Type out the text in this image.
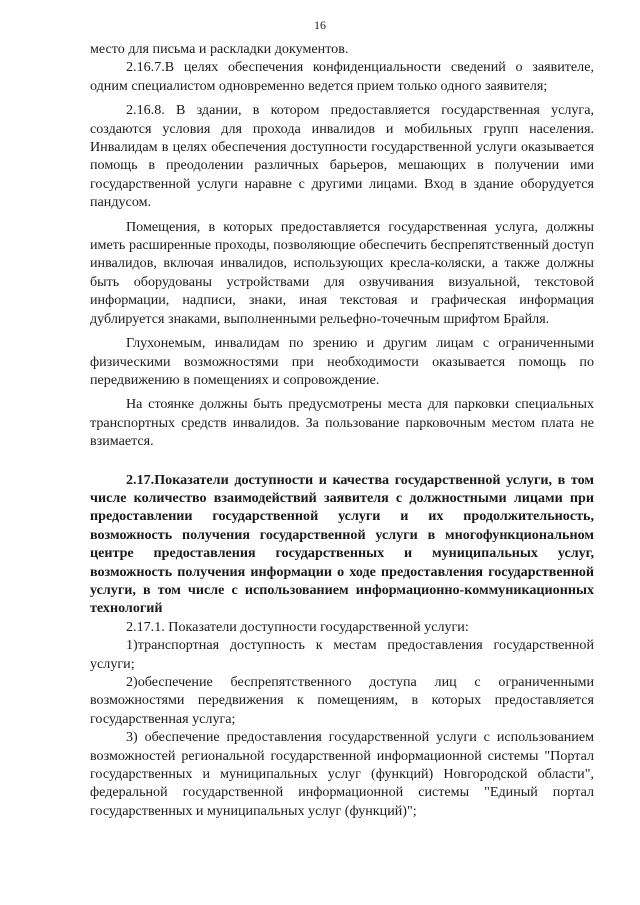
16

место для письма и раскладки документов.

2.16.7.В целях обеспечения конфиденциальности сведений о заявителе, одним специалистом одновременно ведется прием только одного заявителя;

2.16.8. В здании, в котором предоставляется государственная услуга, создаются условия для прохода инвалидов и мобильных групп населения. Инвалидам в целях обеспечения доступности государственной услуги оказывается помощь в преодолении различных барьеров, мешающих в получении ими государственной услуги наравне с другими лицами. Вход в здание оборудуется пандусом.

Помещения, в которых предоставляется государственная услуга, должны иметь расширенные проходы, позволяющие обеспечить беспрепятственный доступ инвалидов, включая инвалидов, использующих кресла-коляски, а также должны быть оборудованы устройствами для озвучивания визуальной, текстовой информации, надписи, знаки, иная текстовая и графическая информация дублируется знаками, выполненными рельефно-точечным шрифтом Брайля.

Глухонемым, инвалидам по зрению и другим лицам с ограниченными физическими возможностями при необходимости оказывается помощь по передвижению в помещениях и сопровождение.

На стоянке должны быть предусмотрены места для парковки специальных транспортных средств инвалидов. За пользование парковочным местом плата не взимается.

2.17.Показатели доступности и качества государственной услуги, в том числе количество взаимодействий заявителя с должностными лицами при предоставлении государственной услуги и их продолжительность, возможность получения государственной услуги в многофункциональном центре предоставления государственных и муниципальных услуг, возможность получения информации о ходе предоставления государственной услуги, в том числе с использованием информационно-коммуникационных технологий

2.17.1. Показатели доступности государственной услуги:

1)транспортная доступность к местам предоставления государственной услуги;

2)обеспечение беспрепятственного доступа лиц с ограниченными возможностями передвижения к помещениям, в которых предоставляется государственная услуга;

3) обеспечение предоставления государственной услуги с использованием возможностей региональной государственной информационной системы "Портал государственных и муниципальных услуг (функций) Новгородской области", федеральной государственной информационной системы "Единый портал государственных и муниципальных услуг (функций)";
